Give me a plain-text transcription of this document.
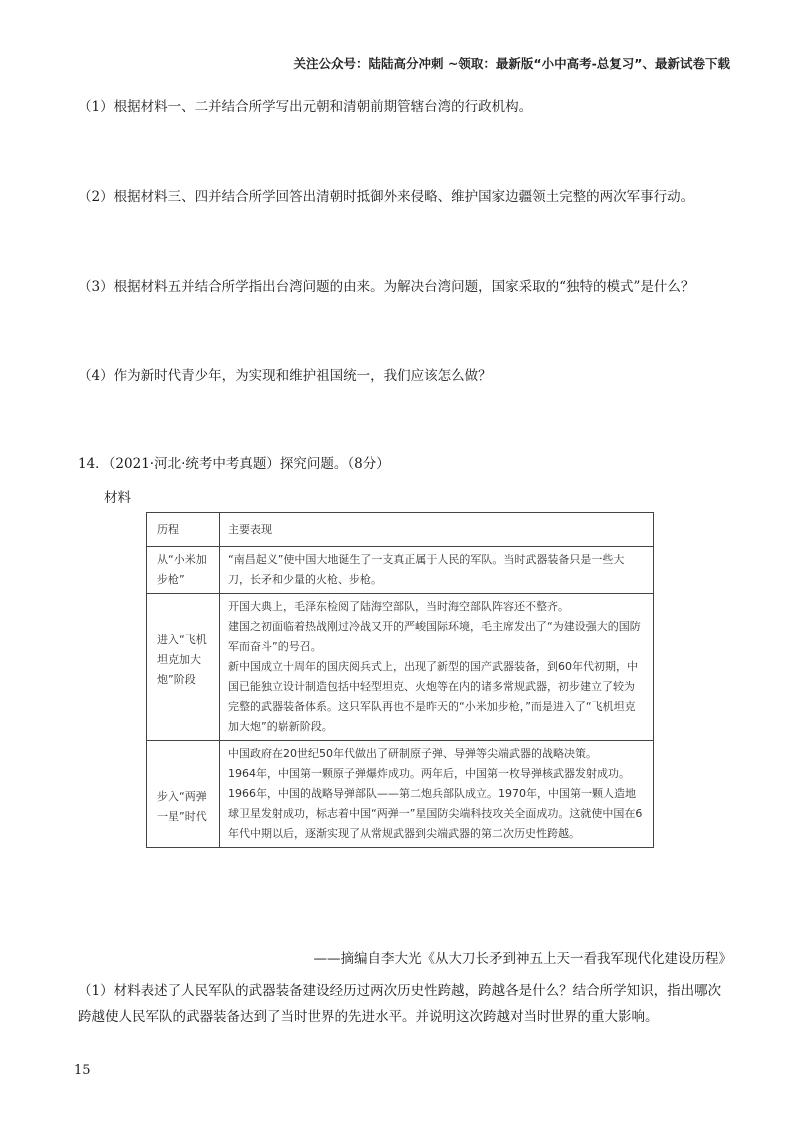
关注公众号：陆陆高分冲刺 ~领取：最新版“小中高考-总复习”、最新试卷下载
（1）根据材料一、二并结合所学写出元朝和清朝前期管辖台湾的行政机构。
（2）根据材料三、四并结合所学回答出清朝时抵御外来侵略、维护国家边疆领土完整的两次军事行动。
（3）根据材料五并结合所学指出台湾问题的由来。为解决台湾问题，国家采取的“独特的模式”是什么？
（4）作为新时代青少年，为实现和维护祖国统一，我们应该怎么做？
14．（2021·河北·统考中考真题）探究问题。（8分）
材料
历程	主要表现

从“小米加步枪”	“南昌起义”使中国大地诞生了一支真正属于人民的军队。当时武器装备只是一些大刀，长矛和少量的火枪、步枪。

进入“飞机坦克加大炮”阶段	开国大典上，毛泽东检阅了陆海空部队，当时海空部队阵容还不整齐。

建国之初面临着热战刚过冷战又开的严峻国际环境，毛主席发出了“为建设强大的国防军而奋斗”的号召。

新中国成立十周年的国庆阅兵式上，出现了新型的国产武器装备，到60年代初期，中国已能独立设计制造包括中轻型坦克、火炮等在内的诸多常规武器，初步建立了较为完整的武器装备体系。这只军队再也不是昨天的“小米加步枪，”而是进入了“飞机坦克加大炮”的崭新阶段。

步入“两弹一星”时代	中国政府在20世纪50年代做出了研制原子弹、导弹等尖端武器的战略决策。

1964年，中国第一颗原子弹爆炸成功。两年后，中国第一枚导弹核武器发射成功。1966年，中国的战略导弹部队——第二炮兵部队成立。1970年，中国第一颗人造地球卫星发射成功，标志着中国“两弹一”星国防尖端科技攻关全面成功。这就使中国在6年代中期以后，逐渐实现了从常规武器到尖端武器的第二次历史性跨越。

——摘编自李大光《从大刀长矛到神五上天一看我军现代化建设历程》
（1）材料表述了人民军队的武器装备建设经历过两次历史性跨越，跨越各是什么？结合所学知识，指出哪次跨越使人民军队的武器装备达到了当时世界的先进水平。并说明这次跨越对当时世界的重大影响。
15
